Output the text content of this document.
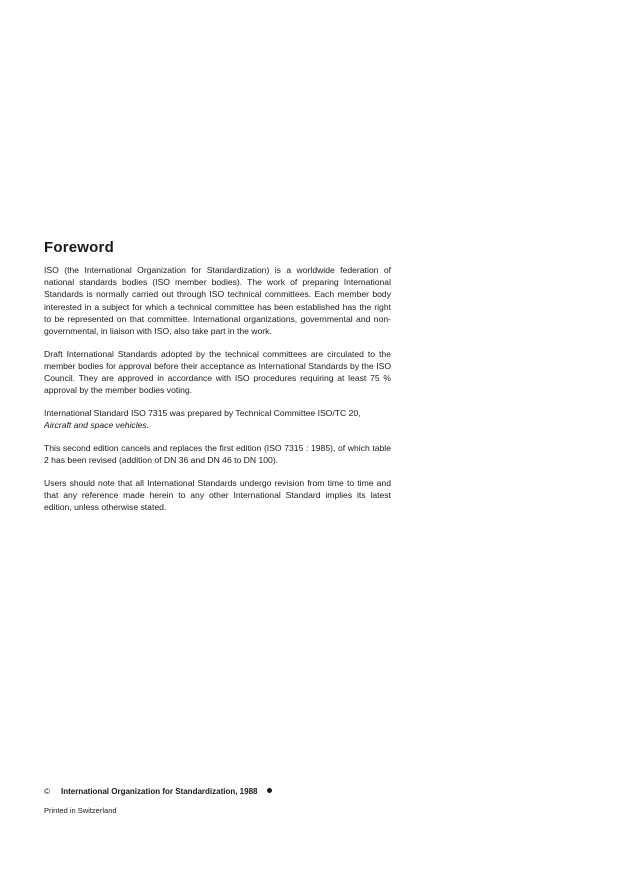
Foreword

ISO (the International Organization for Standardization) is a worldwide federation of national standards bodies (ISO member bodies). The work of preparing International Standards is normally carried out through ISO technical committees. Each member body interested in a subject for which a technical committee has been established has the right to be represented on that committee. International organizations, governmental and non-governmental, in liaison with ISO, also take part in the work.

Draft International Standards adopted by the technical committees are circulated to the member bodies for approval before their acceptance as International Standards by the ISO Council. They are approved in accordance with ISO procedures requiring at least 75 % approval by the member bodies voting.

International Standard ISO 7315 was prepared by Technical Committee ISO/TC 20,
Aircraft and space vehicles.

This second edition cancels and replaces the first edition (ISO 7315 : 1985), of which table 2 has been revised (addition of DN 36 and DN 46 to DN 100).

Users should note that all International Standards undergo revision from time to time and that any reference made herein to any other International Standard implies its latest edition, unless otherwise stated.

© International Organization for Standardization, 1988
Printed in Switzerland
